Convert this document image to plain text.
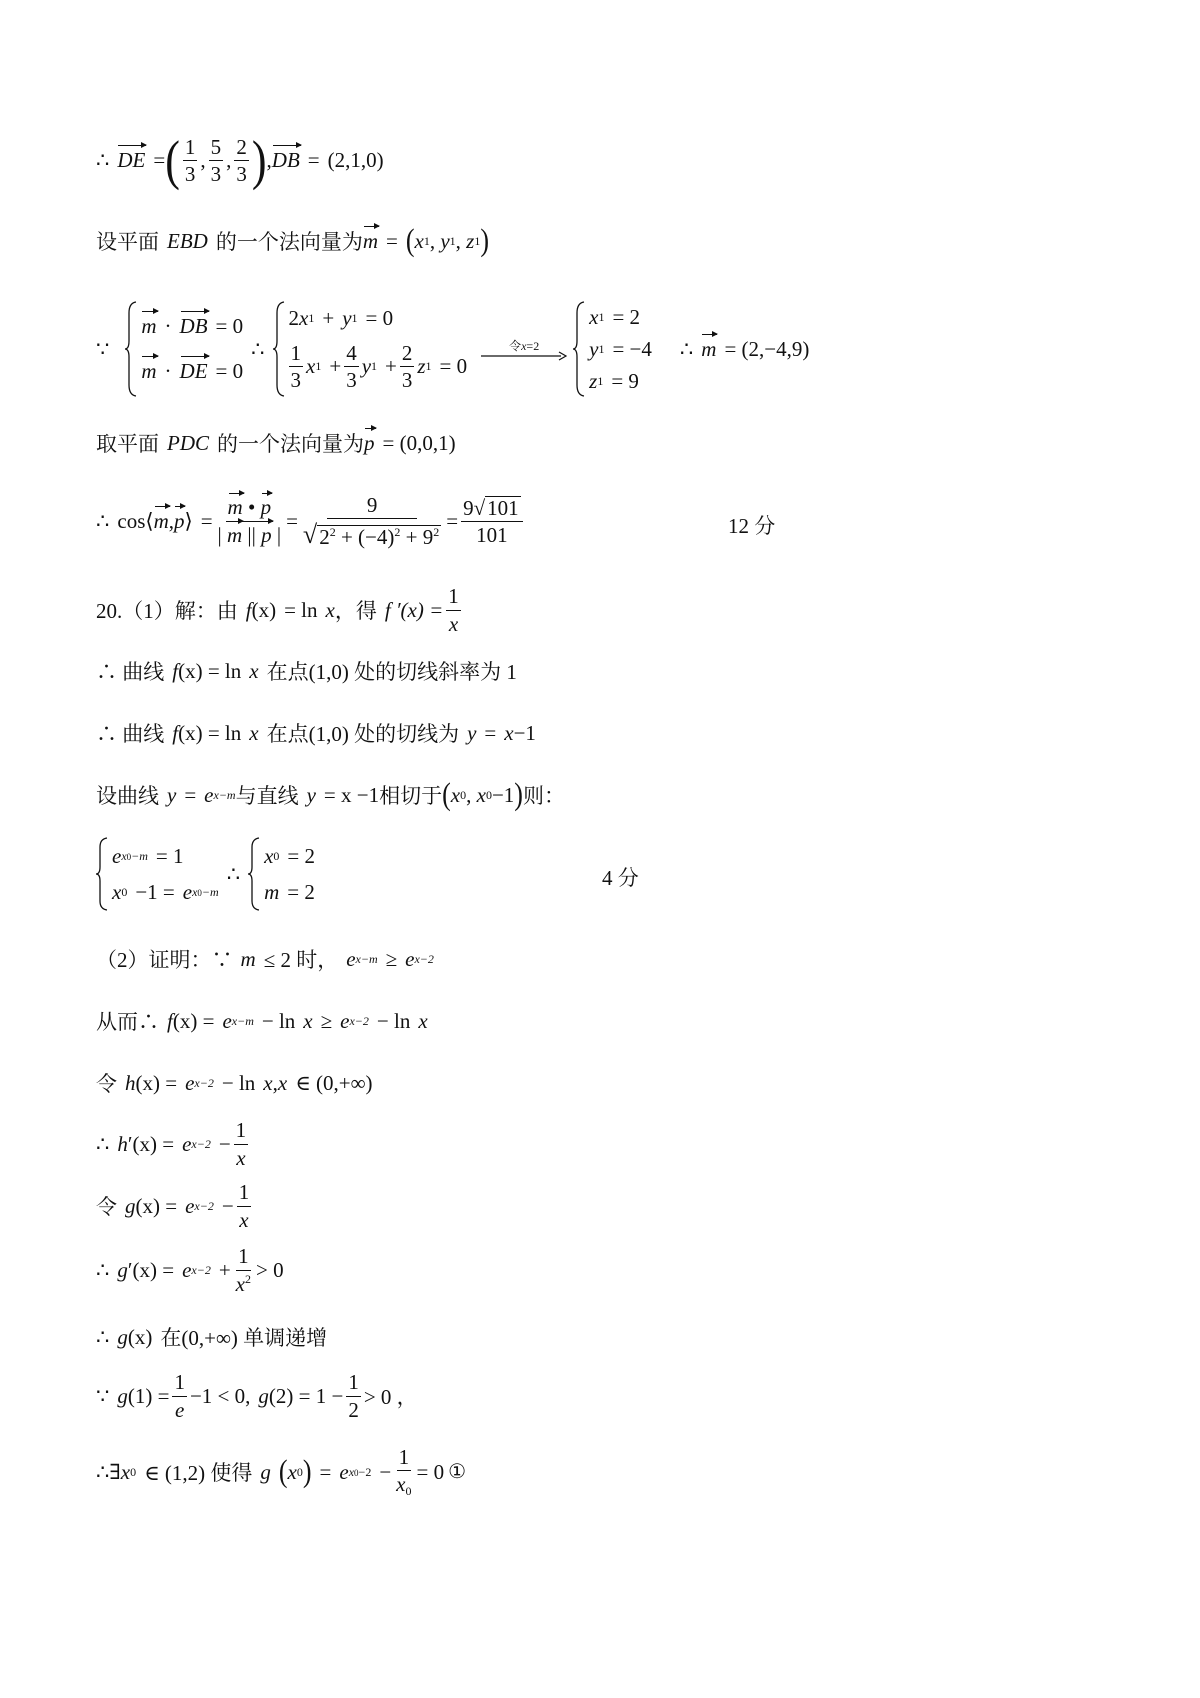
∴ DE = ( $\frac{1}{3}$ , $\frac{5}{3}$ , $\frac{2}{3}$ ) , DB = (2,1,0)
设平面 EBD 的一个法向量为 m = ( x 1 , y 1 , z 1 )
∵
m · DB = 0
m · DE = 0
∴
2 x 1 + y 1 = 0
$\frac{1}{3}$ x $1 + \frac{4}{3}$ y $1 + \frac{2}{3}$ z 1 = 0
令x=2
x 1 = 2
y 1 = −4
z 1 = 9
∴ m = (2,−4,9)
取平面 PDC 的一个法向量为 p = (0,0,1)
∴ cos⟨ m , p ⟩ = $\frac{m • p}{| m || p |} = \frac{9}{√ 2^2 + (-4)^2 + 9^2} = \frac{9 √ 101}{101}$	12 分
20.（1）解：由 f (x) = ln x ，得 f $'(x) = \frac{1}{x}$
∴ 曲线 f (x) = ln x 在点(1,0) 处的切线斜率为 1
∴ 曲线 f (x) = ln x 在点(1,0) 处的切线为 y = x −1
设曲线 y = e x−m 与直线 y = x −1 相切于 ( x 0 , x 0 −1 ) 则：
e x0−m = 1
x 0 −1 = e x0−m
∴
x 0 = 2
m = 2
4 分
（2）证明：∵ m ≤ 2 时， e x−m ≥ e x−2
从而∴ f (x) = e x−m − ln x ≥ e x−2 − ln x
令 h (x) = e x−2 − ln x , x ∈ (0,+∞)
∴ h ′(x) = e $x-2 - \frac{1}{x}$
令 g (x) = e $x-2 - \frac{1}{x}$
∴ g ′(x) = e $x-2 + \frac{1}{x^2} > 0$
∴ g (x) 在(0,+∞) 单调递增
∵ g $(1) = \frac{1}{e} -1 < 0$, g $(2) = 1 - \frac{1}{2} > 0$ ，
∴∃ x 0 ∈ (1,2) 使得 g ( x 0 ) = e $x0-2 - \frac{1}{x_0} = 0$ ①
